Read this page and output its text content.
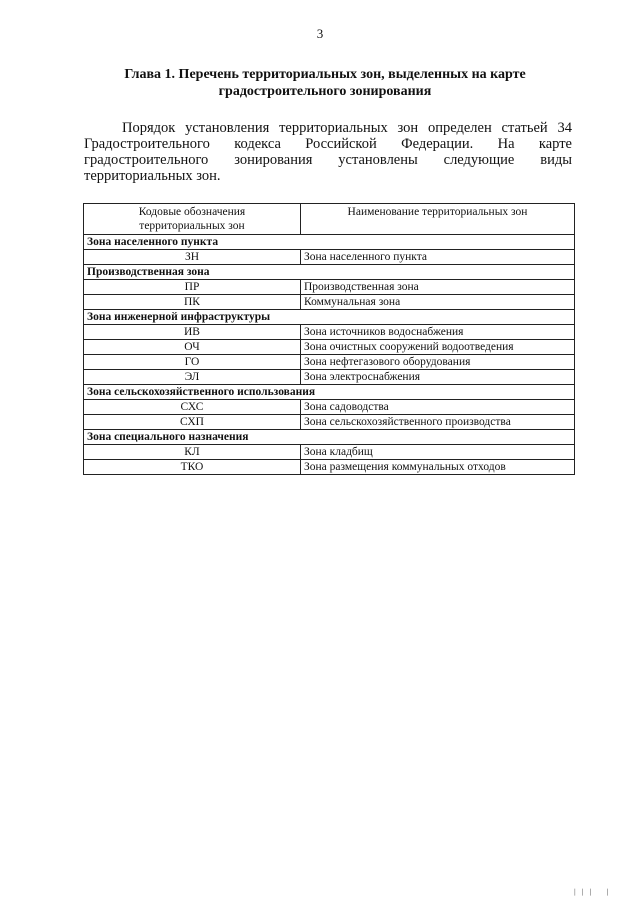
3
Глава 1. Перечень территориальных зон, выделенных на карте
градостроительного зонирования
Порядок установления территориальных зон определен статьей 34
Градостроительного кодекса Российской Федерации. На карте
градостроительного зонирования установлены следующие виды
территориальных зон.
Кодовые обозначения
территориальных зон	Наименование территориальных зон
Зона населенного пункта	
ЗН	Зона населенного пункта
Производственная зона	
ПР	Производственная зона
ПК	Коммунальная зона
Зона инженерной инфраструктуры	
ИВ	Зона источников водоснабжения
ОЧ	Зона очистных сооружений водоотведения
ГО	Зона нефтегазового оборудования
ЭЛ	Зона электроснабжения
Зона сельскохозяйственного использования	
СХС	Зона садоводства
СХП	Зона сельскохозяйственного производства
Зона специального назначения	
КЛ	Зона кладбищ
ТКО	Зона размещения коммунальных отходов
❘❘❘ ❘
